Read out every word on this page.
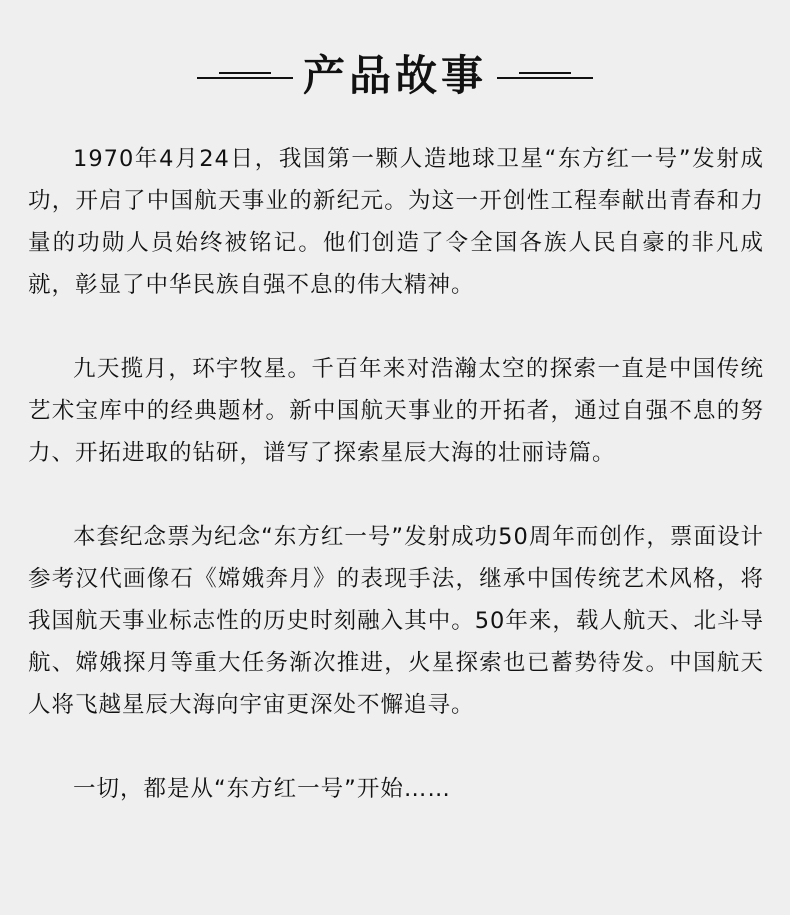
产品故事

1970年4月24日，我国第一颗人造地球卫星“东方红一号”发射成功，开启了中国航天事业的新纪元。为这一开创性工程奉献出青春和力量的功勋人员始终被铭记。他们创造了令全国各族人民自豪的非凡成就，彰显了中华民族自强不息的伟大精神。

九天揽月，环宇牧星。千百年来对浩瀚太空的探索一直是中国传统艺术宝库中的经典题材。新中国航天事业的开拓者，通过自强不息的努力、开拓进取的钻研，谱写了探索星辰大海的壮丽诗篇。

本套纪念票为纪念“东方红一号”发射成功50周年而创作，票面设计参考汉代画像石《嫦娥奔月》的表现手法，继承中国传统艺术风格，将我国航天事业标志性的历史时刻融入其中。50年来，载人航天、北斗导航、嫦娥探月等重大任务渐次推进，火星探索也已蓄势待发。中国航天人将飞越星辰大海向宇宙更深处不懈追寻。

一切，都是从“东方红一号”开始……
